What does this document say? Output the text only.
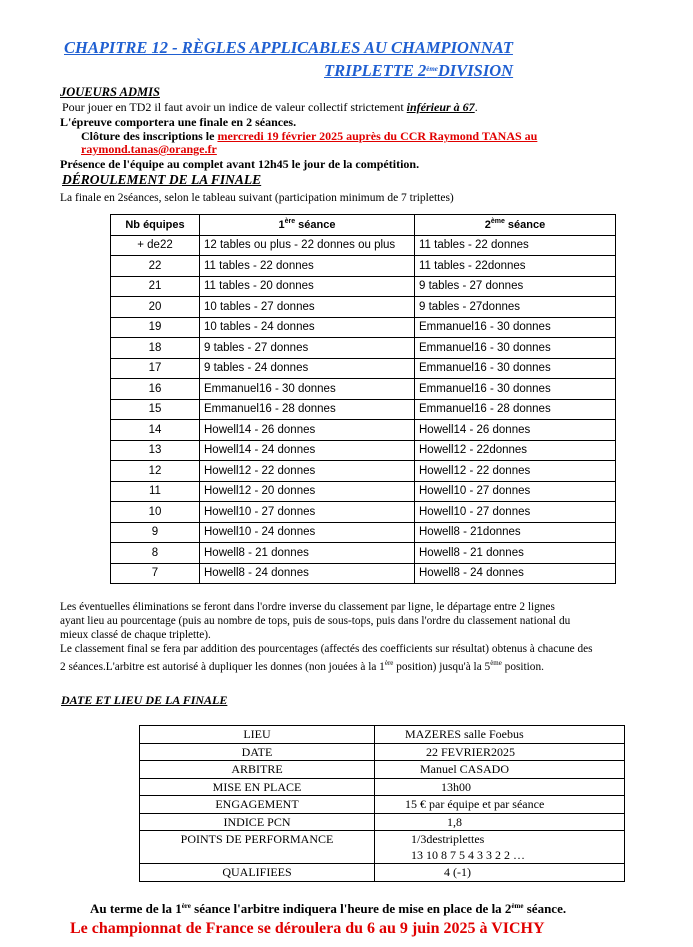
CHAPITRE 12 - RÈGLES APPLICABLES AU CHAMPIONNAT
TRIPLETTE 2èmeDIVISION
JOUEURS ADMIS
Pour jouer en TD2 il faut avoir un indice de valeur collectif strictement inférieur à 67.
L'épreuve comportera une finale en 2 séances.
Clôture des inscriptions le mercredi 19 février 2025 auprès du CCR Raymond TANAS au
raymond.tanas@orange.fr
Présence de l'équipe au complet avant 12h45 le jour de la compétition.
DÉROULEMENT DE LA FINALE
La finale en 2séances, selon le tableau suivant (participation minimum de 7 triplettes)
Nb équipes	1ère séance	2ème séance
+ de22	12 tables ou plus - 22 donnes ou plus	11 tables - 22 donnes
22	11 tables - 22 donnes	11 tables - 22donnes
21	11 tables - 20 donnes	9 tables - 27 donnes
20	10 tables - 27 donnes	9 tables - 27donnes
19	10 tables - 24 donnes	Emmanuel16 - 30 donnes
18	9 tables - 27 donnes	Emmanuel16 - 30 donnes
17	9 tables - 24 donnes	Emmanuel16 - 30 donnes
16	Emmanuel16 - 30 donnes	Emmanuel16 - 30 donnes
15	Emmanuel16 - 28 donnes	Emmanuel16 - 28 donnes
14	Howell14 - 26 donnes	Howell14 - 26 donnes
13	Howell14 - 24 donnes	Howell12 - 22donnes
12	Howell12 - 22 donnes	Howell12 - 22 donnes
11	Howell12 - 20 donnes	Howell10 - 27 donnes
10	Howell10 - 27 donnes	Howell10 - 27 donnes
9	Howell10 - 24 donnes	Howell8 - 21donnes
8	Howell8 - 21 donnes	Howell8 - 21 donnes
7	Howell8 - 24 donnes	Howell8 - 24 donnes
Les éventuelles éliminations se feront dans l'ordre inverse du classement par ligne, le départage entre 2 lignes
ayant lieu au pourcentage (puis au nombre de tops, puis de sous-tops, puis dans l'ordre du classement national du
mieux classé de chaque triplette).
Le classement final se fera par addition des pourcentages (affectés des coefficients sur résultat) obtenus à chacune des
2 séances.L'arbitre est autorisé à dupliquer les donnes (non jouées à la 1ère position) jusqu'à la 5ème position.
DATE ET LIEU DE LA FINALE
LIEU	MAZERES salle Foebus

DATE	22 FEVRIER2025

ARBITRE	Manuel CASADO

MISE EN PLACE	13h00

ENGAGEMENT	15 € par équipe et par séance

INDICE PCN	1,8

POINTS DE PERFORMANCE	1/3destriplettes
13 10 8 7 5 4 3 3 2 2 …

QUALIFIEES	4 (-1)
Au terme de la 1ère séance l'arbitre indiquera l'heure de mise en place de la 2ème séance.
Le championnat de France se déroulera du 6 au 9 juin 2025 à VICHY
